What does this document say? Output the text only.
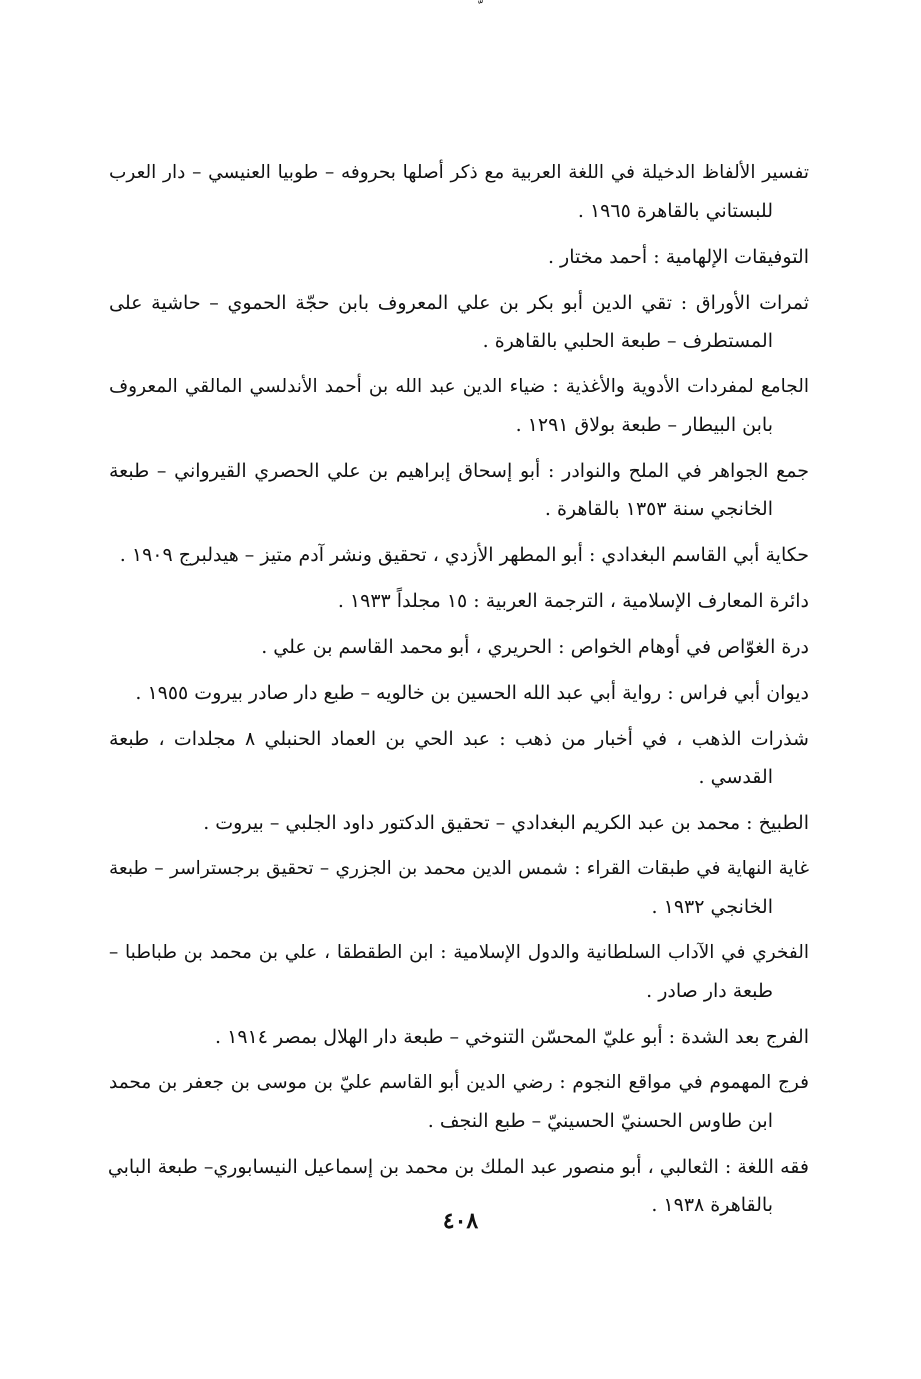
تفسير الألفاظ الدخيلة في اللغة العربية مع ذكر أصلها بحروفه – طوبيا العنيسي – دار العرب
للبستاني بالقاهرة ١٩٦٥ .
التوفيقات الإلهامية : أحمد مختار .
ثمرات الأوراق : تقي الدين أبو بكر بن علي المعروف بابن حجّة الحموي – حاشية على
المستطرف – طبعة الحلبي بالقاهرة .
الجامع لمفردات الأدوية والأغذية : ضياء الدين عبد الله بن أحمد الأندلسي المالقي المعروف
بابن البيطار – طبعة بولاق ١٢٩١ .
جمع الجواهر في الملح والنوادر : أبو إسحاق إبراهيم بن علي الحصري القيرواني – طبعة
الخانجي سنة ١٣٥٣ بالقاهرة .
حكاية أبي القاسم البغدادي : أبو المطهر الأزدي ، تحقيق ونشر آدم متيز – هيدلبرج ١٩٠٩ .
دائرة المعارف الإسلامية ، الترجمة العربية : ١٥ مجلداً ١٩٣٣ .
درة الغوّاص في أوهام الخواص : الحريري ، أبو محمد القاسم بن علي .
ديوان أبي فراس : رواية أبي عبد الله الحسين بن خالويه – طبع دار صادر بيروت ١٩٥٥ .
شذرات الذهب ، في أخبار من ذهب : عبد الحي بن العماد الحنبلي ٨ مجلدات ، طبعة
القدسي .
الطبيخ : محمد بن عبد الكريم البغدادي – تحقيق الدكتور داود الجلبي – بيروت .
غاية النهاية في طبقات القراء : شمس الدين محمد بن الجزري – تحقيق برجستراسر – طبعة
الخانجي ١٩٣٢ .
الفخري في الآداب السلطانية والدول الإسلامية : ابن الطقطقا ، علي بن محمد بن طباطبا –
طبعة دار صادر .
الفرج بعد الشدة : أبو عليّ المحسّن التنوخي – طبعة دار الهلال بمصر ١٩١٤ .
فرج المهموم في مواقع النجوم : رضي الدين أبو القاسم عليّ بن موسى بن جعفر بن محمد
ابن طاوس الحسنيّ الحسينيّ – طبع النجف .
فقه اللغة : الثعالبي ، أبو منصور عبد الملك بن محمد بن إسماعيل النيسابوري– طبعة البابي
بالقاهرة ١٩٣٨ .
٤٠٨
